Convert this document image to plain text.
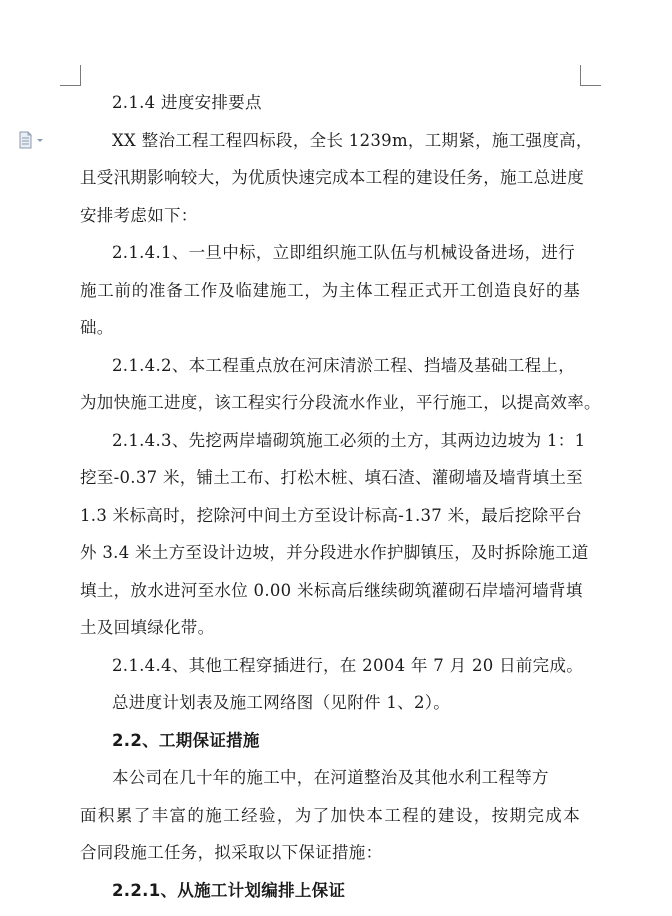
2.1.4 进度安排要点
XX 整治工程工程四标段，全长 1239m，工期紧，施工强度高，
且受汛期影响较大，为优质快速完成本工程的建设任务，施工总进度
安排考虑如下：
2.1.4.1、一旦中标，立即组织施工队伍与机械设备进场，进行
施工前的准备工作及临建施工，为主体工程正式开工创造良好的基
础。
2.1.4.2、本工程重点放在河床清淤工程、挡墙及基础工程上，
为加快施工进度，该工程实行分段流水作业，平行施工，以提高效率。
2.1.4.3、先挖两岸墙砌筑施工必须的土方，其两边边坡为 1：1
挖至-0.37 米，铺土工布、打松木桩、填石渣、灌砌墙及墙背填土至
1.3 米标高时，挖除河中间土方至设计标高-1.37 米，最后挖除平台
外 3.4 米土方至设计边坡，并分段进水作护脚镇压，及时拆除施工道
填土，放水进河至水位 0.00 米标高后继续砌筑灌砌石岸墙河墙背填
土及回填绿化带。
2.1.4.4、其他工程穿插进行，在 2004 年 7 月 20 日前完成。
总进度计划表及施工网络图（见附件 1、2）。
2.2、工期保证措施
本公司在几十年的施工中，在河道整治及其他水利工程等方
面积累了丰富的施工经验，为了加快本工程的建设，按期完成本
合同段施工任务，拟采取以下保证措施：
2.2.1、从施工计划编排上保证
